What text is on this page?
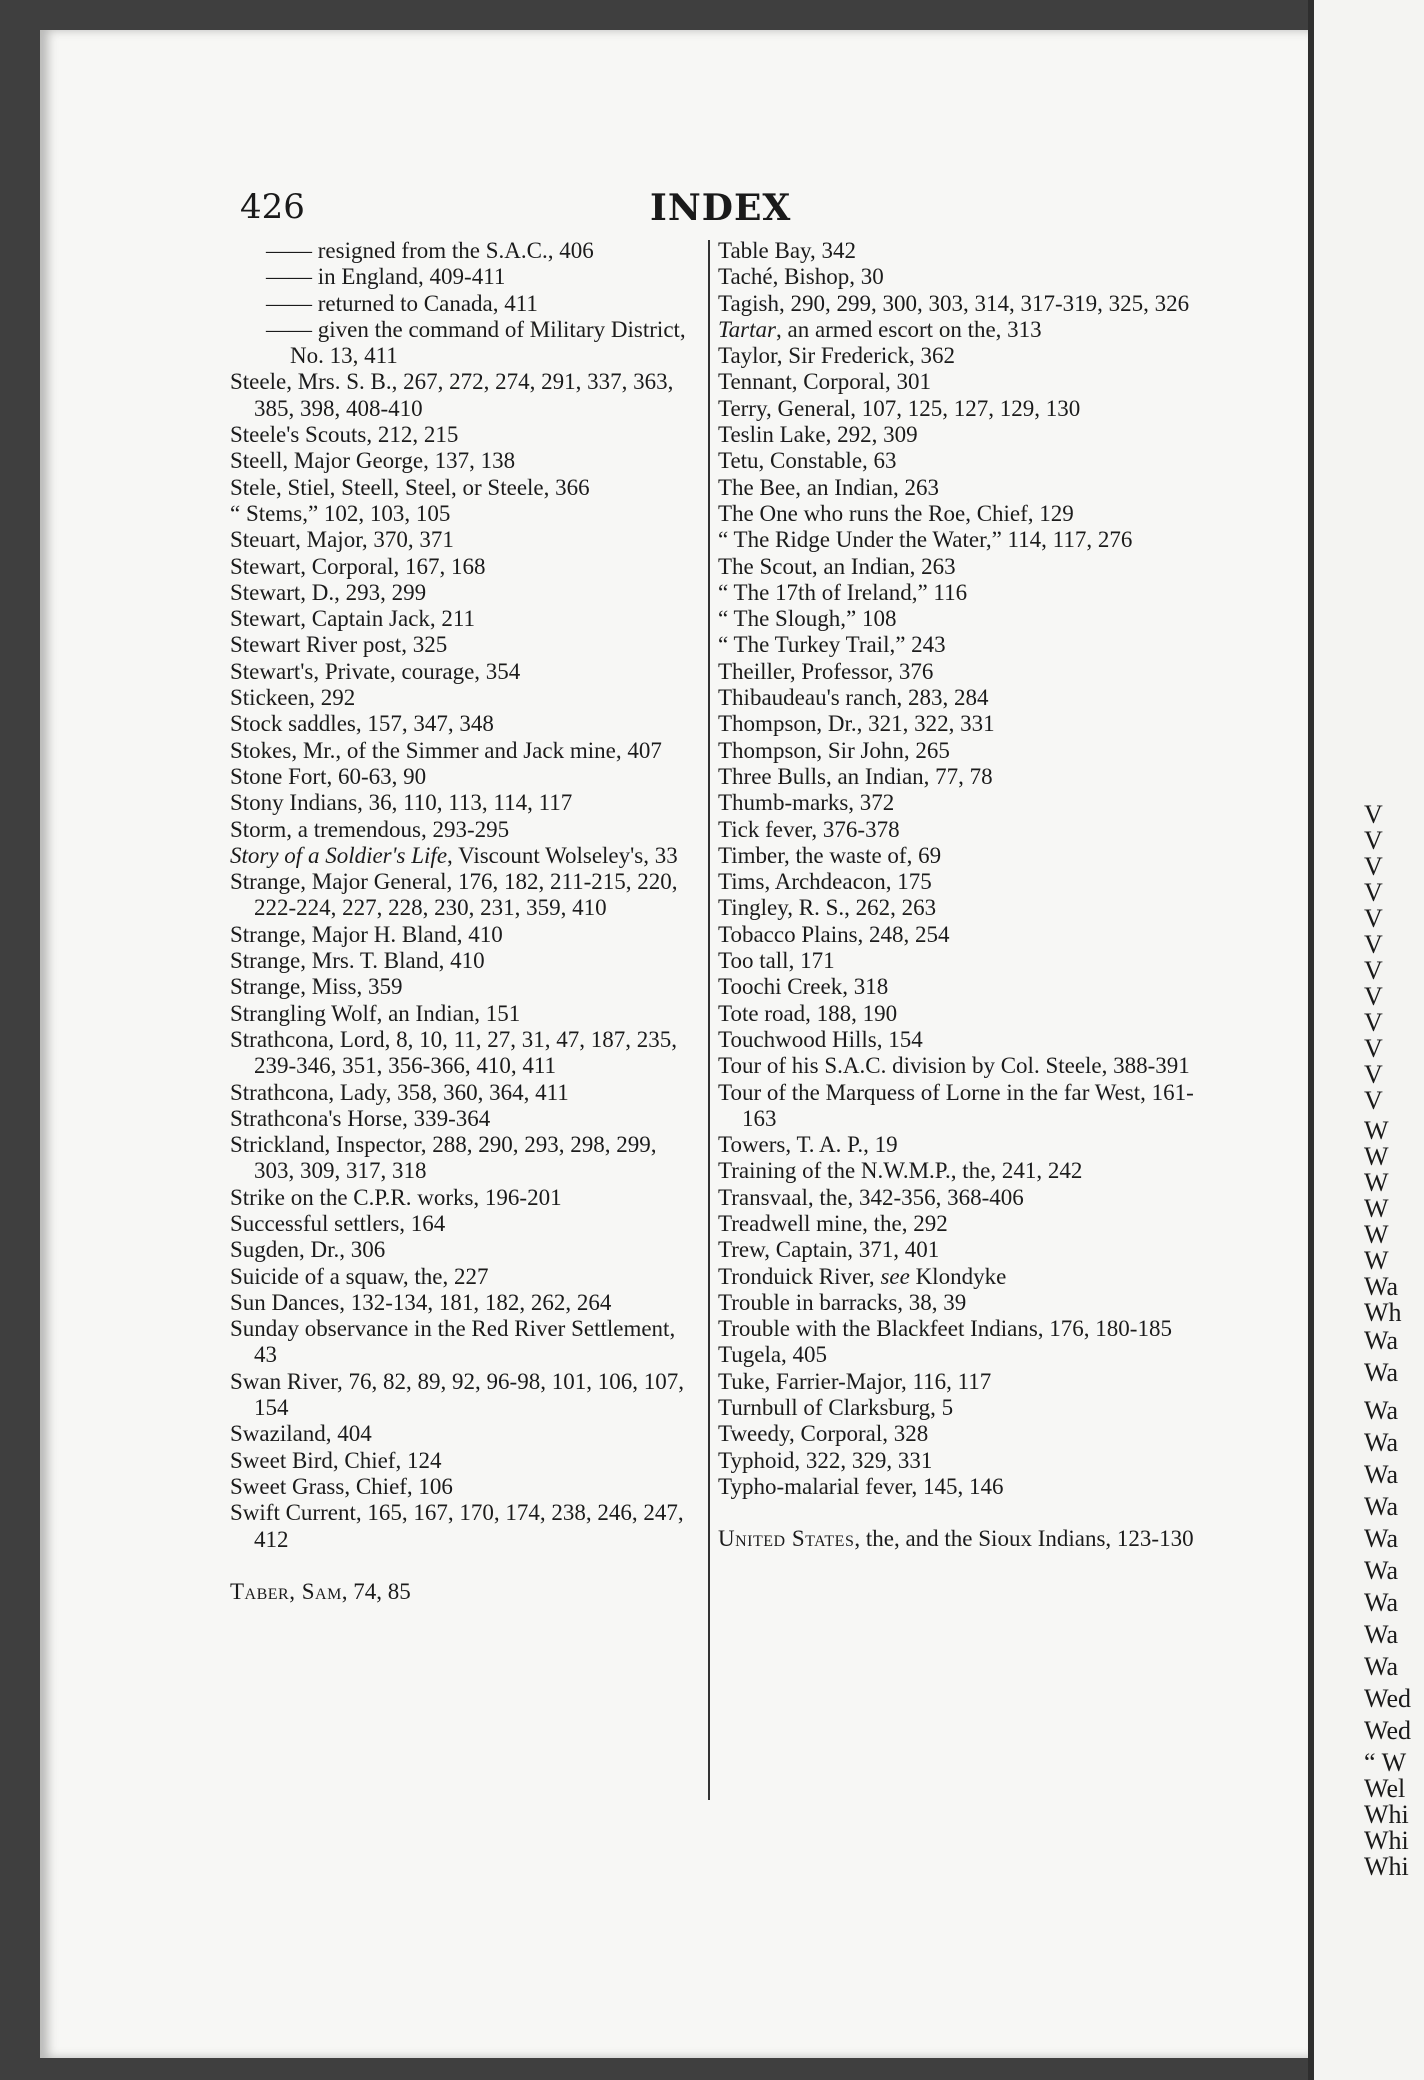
426	INDEX
—— resigned from the S.A.C., 406
—— in England, 409-411
—— returned to Canada, 411
—— given the command of Military District, No. 13, 411
Steele, Mrs. S. B., 267, 272, 274, 291, 337, 363, 385, 398, 408-410
Steele's Scouts, 212, 215
Steell, Major George, 137, 138
Stele, Stiel, Steell, Steel, or Steele, 366
“ Stems,” 102, 103, 105
Steuart, Major, 370, 371
Stewart, Corporal, 167, 168
Stewart, D., 293, 299
Stewart, Captain Jack, 211
Stewart River post, 325
Stewart's, Private, courage, 354
Stickeen, 292
Stock saddles, 157, 347, 348
Stokes, Mr., of the Simmer and Jack mine, 407
Stone Fort, 60-63, 90
Stony Indians, 36, 110, 113, 114, 117
Storm, a tremendous, 293-295
Story of a Soldier's Life, Viscount Wolseley's, 33
Strange, Major General, 176, 182, 211-215, 220, 222-224, 227, 228, 230, 231, 359, 410
Strange, Major H. Bland, 410
Strange, Mrs. T. Bland, 410
Strange, Miss, 359
Strangling Wolf, an Indian, 151
Strathcona, Lord, 8, 10, 11, 27, 31, 47, 187, 235, 239-346, 351, 356-366, 410, 411
Strathcona, Lady, 358, 360, 364, 411
Strathcona's Horse, 339-364
Strickland, Inspector, 288, 290, 293, 298, 299, 303, 309, 317, 318
Strike on the C.P.R. works, 196-201
Successful settlers, 164
Sugden, Dr., 306
Suicide of a squaw, the, 227
Sun Dances, 132-134, 181, 182, 262, 264
Sunday observance in the Red River Settlement, 43
Swan River, 76, 82, 89, 92, 96-98, 101, 106, 107, 154
Swaziland, 404
Sweet Bird, Chief, 124
Sweet Grass, Chief, 106
Swift Current, 165, 167, 170, 174, 238, 246, 247, 412
Taber, Sam, 74, 85
Table Bay, 342
Taché, Bishop, 30
Tagish, 290, 299, 300, 303, 314, 317-319, 325, 326
Tartar, an armed escort on the, 313
Taylor, Sir Frederick, 362
Tennant, Corporal, 301
Terry, General, 107, 125, 127, 129, 130
Teslin Lake, 292, 309
Tetu, Constable, 63
The Bee, an Indian, 263
The One who runs the Roe, Chief, 129
“ The Ridge Under the Water,” 114, 117, 276
The Scout, an Indian, 263
“ The 17th of Ireland,” 116
“ The Slough,” 108
“ The Turkey Trail,” 243
Theiller, Professor, 376
Thibaudeau's ranch, 283, 284
Thompson, Dr., 321, 322, 331
Thompson, Sir John, 265
Three Bulls, an Indian, 77, 78
Thumb-marks, 372
Tick fever, 376-378
Timber, the waste of, 69
Tims, Archdeacon, 175
Tingley, R. S., 262, 263
Tobacco Plains, 248, 254
Too tall, 171
Toochi Creek, 318
Tote road, 188, 190
Touchwood Hills, 154
Tour of his S.A.C. division by Col. Steele, 388-391
Tour of the Marquess of Lorne in the far West, 161-163
Towers, T. A. P., 19
Training of the N.W.M.P., the, 241, 242
Transvaal, the, 342-356, 368-406
Treadwell mine, the, 292
Trew, Captain, 371, 401
Tronduick River, see Klondyke
Trouble in barracks, 38, 39
Trouble with the Blackfeet Indians, 176, 180-185
Tugela, 405
Tuke, Farrier-Major, 116, 117
Turnbull of Clarksburg, 5
Tweedy, Corporal, 328
Typhoid, 322, 329, 331
Typho-malarial fever, 145, 146
United States, the, and the Sioux Indians, 123-130
V
V
V
V
V
V
V
V
V
V
V
V
W
W
W
W
W
W
Wa
Wh
Wa
Wa
Wa
Wa
Wa
Wa
Wa
Wa
Wa
Wa
Wa
Wed
Wed
“ W
Wel
Whi
Whi
Whi
